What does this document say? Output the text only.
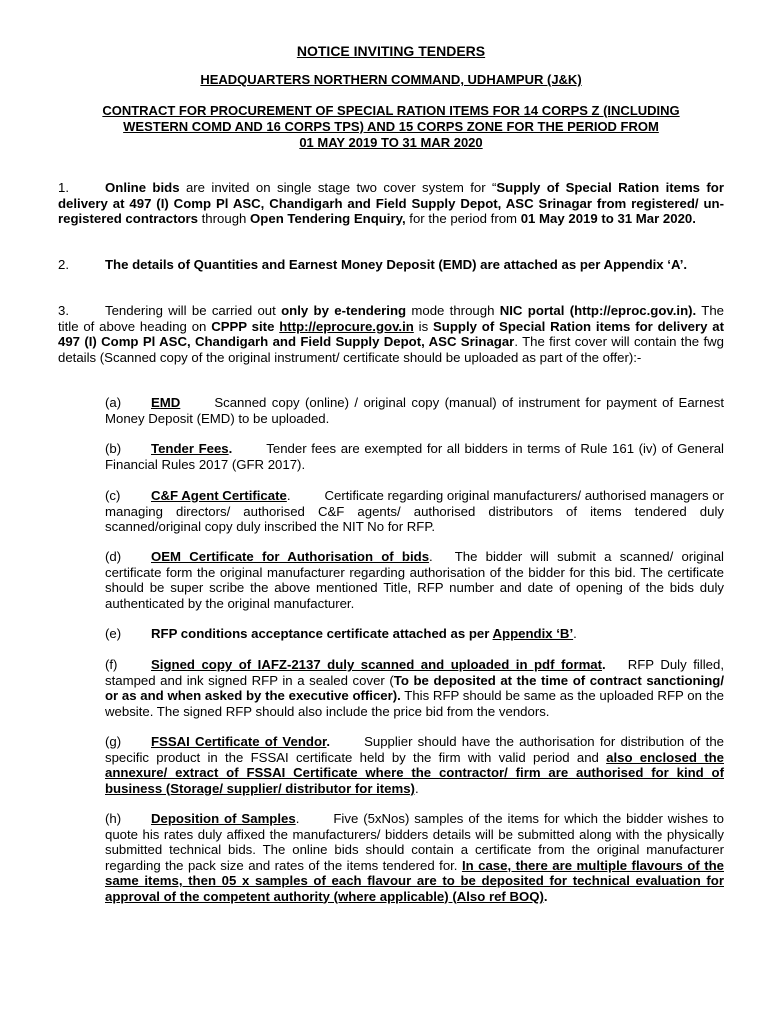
NOTICE INVITING TENDERS
HEADQUARTERS NORTHERN COMMAND, UDHAMPUR (J&K)
CONTRACT FOR PROCUREMENT OF SPECIAL RATION ITEMS FOR 14 CORPS Z (INCLUDING
WESTERN COMD AND 16 CORPS TPS) AND 15 CORPS ZONE FOR THE PERIOD FROM
01 MAY 2019 TO 31 MAR 2020
1.	Online bids are invited on single stage two cover system for “Supply of Special Ration items for delivery at 497 (I) Comp Pl ASC, Chandigarh and Field Supply Depot, ASC Srinagar from registered/ un-registered contractors through Open Tendering Enquiry, for the period from 01 May 2019 to 31 Mar 2020.
2.	The details of Quantities and Earnest Money Deposit (EMD) are attached as per Appendix ‘A’.
3.	Tendering will be carried out only by e-tendering mode through NIC portal (http://eproc.gov.in). The title of above heading on CPPP site http://eprocure.gov.in is Supply of Special Ration items for delivery at 497 (I) Comp Pl ASC, Chandigarh and Field Supply Depot, ASC Srinagar. The first cover will contain the fwg details (Scanned copy of the original instrument/ certificate should be uploaded as part of the offer):-
(a) EMD	Scanned copy (online) / original copy (manual) of instrument for payment of Earnest Money Deposit (EMD) to be uploaded.
(b) Tender Fees.	Tender fees are exempted for all bidders in terms of Rule 161 (iv) of General Financial Rules 2017 (GFR 2017).
(c) C&F Agent Certificate.	Certificate regarding original manufacturers/ authorised managers or managing directors/ authorised C&F agents/ authorised distributors of items tendered duly scanned/original copy duly inscribed the NIT No for RFP.
(d) OEM Certificate for Authorisation of bids. The bidder will submit a scanned/ original certificate form the original manufacturer regarding authorisation of the bidder for this bid. The certificate should be super scribe the above mentioned Title, RFP number and date of opening of the bids duly authenticated by the original manufacturer.
(e) RFP conditions acceptance certificate attached as per Appendix ‘B’.
(f)	Signed copy of IAFZ-2137 duly scanned and uploaded in pdf format. RFP Duly filled, stamped and ink signed RFP in a sealed cover (To be deposited at the time of contract sanctioning/ or as and when asked by the executive officer). This RFP should be same as the uploaded RFP on the website. The signed RFP should also include the price bid from the vendors.
(g) FSSAI Certificate of Vendor.	Supplier should have the authorisation for distribution of the specific product in the FSSAI certificate held by the firm with valid period and also enclosed the annexure/ extract of FSSAI Certificate where the contractor/ firm are authorised for kind of business (Storage/ supplier/ distributor for items).
(h) Deposition of Samples.	Five (5xNos) samples of the items for which the bidder wishes to quote his rates duly affixed the manufacturers/ bidders details will be submitted along with the physically submitted technical bids. The online bids should contain a certificate from the original manufacturer regarding the pack size and rates of the items tendered for. In case, there are multiple flavours of the same items, then 05 x samples of each flavour are to be deposited for technical evaluation for approval of the competent authority (where applicable) (Also ref BOQ).
